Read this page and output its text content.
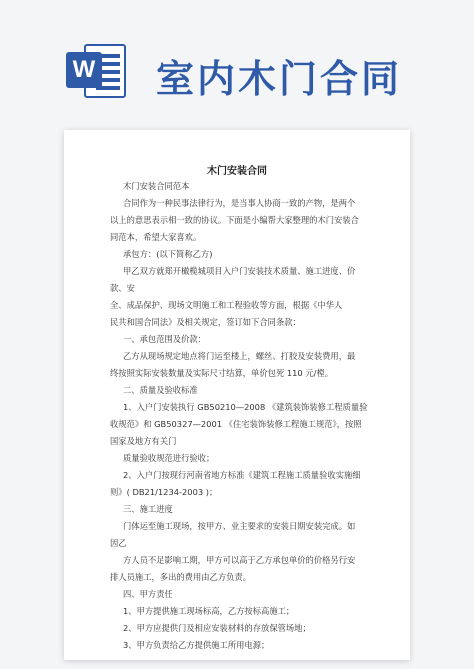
W 室内木门合同
木门安装合同
木门安装合同范本
合同作为一种民事法律行为，是当事人协商一致的产物，是两个
以上的意思表示相一致的协议。下面是小编帮大家整理的木门安装合
同范本，希望大家喜欢。
承包方：(以下简称乙方)
甲乙双方就郑开橄榄城项目入户门安装技术质量、施工进度、价
款、安
全、成品保护、现场文明施工和工程验收等方面，根据《中华人
民共和国合同法》及相关规定，签订如下合同条款：
一、承包范围及价款：
乙方从现场规定地点将门运至楼上，螺丝、打胶及安装费用，最
终按照实际安装数量及实际尺寸结算，单价包死 110 元/樘。
二、质量及验收标准
1、入户门安装执行 GB50210—2008 《建筑装饰装修工程质量验
收规范》和 GB50327—2001 《住宅装饰装修工程施工规范》，按照
国家及地方有关门
质量验收规范进行验收；
2、入户门按现行河南省地方标准《建筑工程施工质量验收实施细
则》( DB21/1234-2003 )；
三、施工进度
门体运至施工现场，按甲方、业主要求的安装日期安装完成。如
因乙
方人员不足影响工期，甲方可以高于乙方承包单价的价格另行安
排人员施工，多出的费用由乙方负责。
四、甲方责任
1、甲方提供施工现场标高，乙方按标高施工；
2、甲方应提供门及相应安装材料的存放保管场地；
3、甲方负责给乙方提供施工所用电源；
